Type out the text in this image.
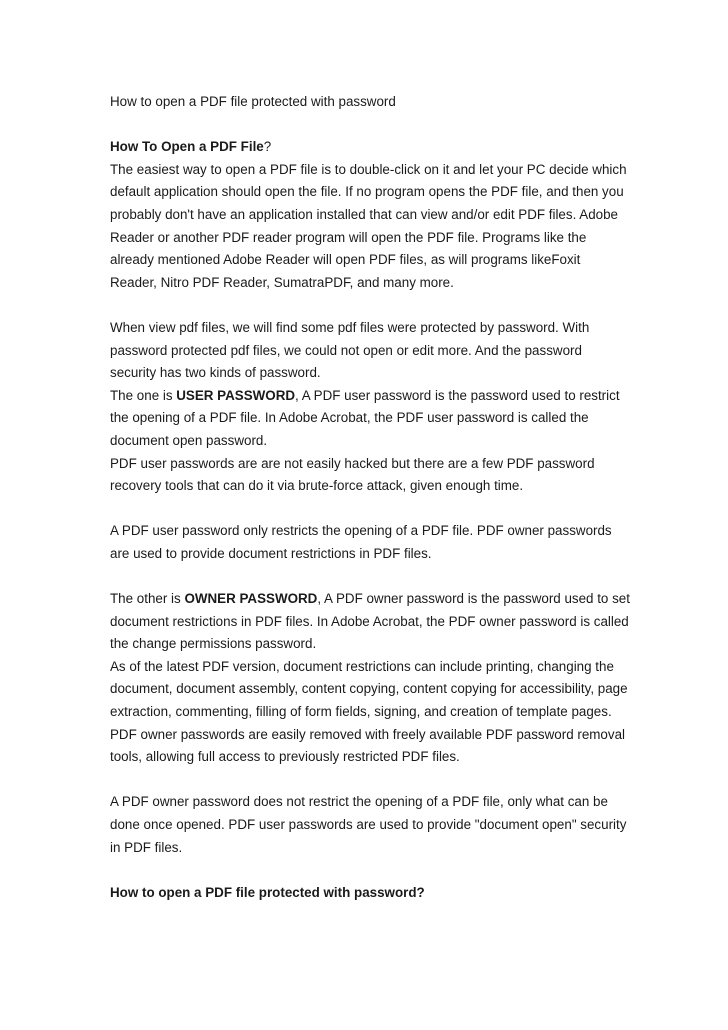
How to open a PDF file protected with password

How To Open a PDF File?

The easiest way to open a PDF file is to double-click on it and let your PC decide which default application should open the file. If no program opens the PDF file, and then you probably don't have an application installed that can view and/or edit PDF files. Adobe Reader or another PDF reader program will open the PDF file. Programs like the already mentioned Adobe Reader will open PDF files, as will programs likeFoxit Reader, Nitro PDF Reader, SumatraPDF, and many more.

When view pdf files, we will find some pdf files were protected by password. With password protected pdf files, we could not open or edit more. And the password security has two kinds of password.

The one is USER PASSWORD, A PDF user password is the password used to restrict the opening of a PDF file. In Adobe Acrobat, the PDF user password is called the document open password.

PDF user passwords are are not easily hacked but there are a few PDF password recovery tools that can do it via brute-force attack, given enough time.

A PDF user password only restricts the opening of a PDF file. PDF owner passwords are used to provide document restrictions in PDF files.

The other is OWNER PASSWORD, A PDF owner password is the password used to set document restrictions in PDF files. In Adobe Acrobat, the PDF owner password is called the change permissions password.

As of the latest PDF version, document restrictions can include printing, changing the document, document assembly, content copying, content copying for accessibility, page extraction, commenting, filling of form fields, signing, and creation of template pages.

PDF owner passwords are easily removed with freely available PDF password removal tools, allowing full access to previously restricted PDF files.

A PDF owner password does not restrict the opening of a PDF file, only what can be done once opened. PDF user passwords are used to provide "document open" security in PDF files.

How to open a PDF file protected with password?
